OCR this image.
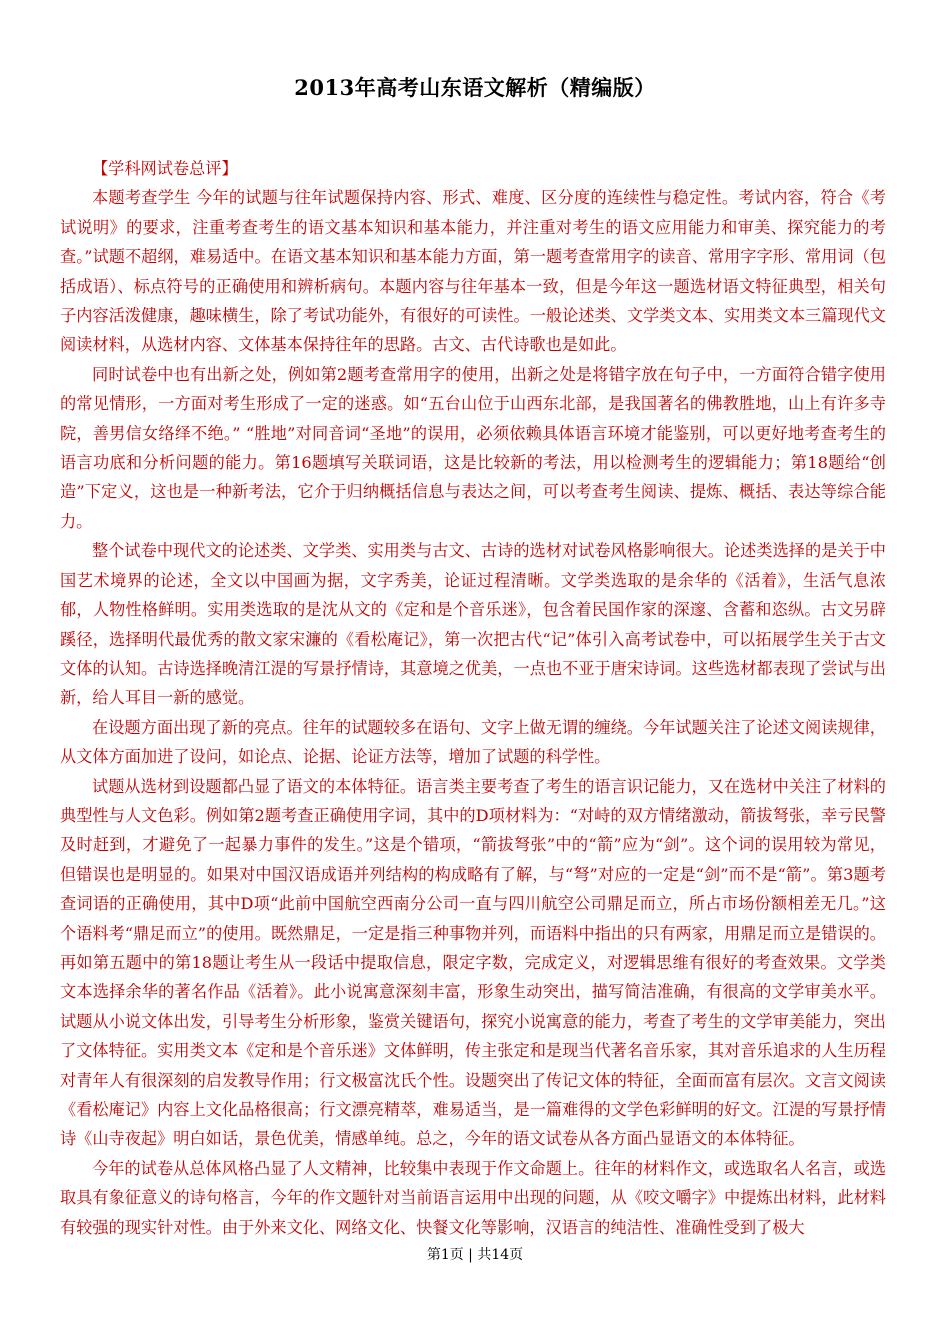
2013年高考山东语文解析（精编版）

【学科网试卷总评】

本题考查学生 今年的试题与往年试题保持内容、形式、难度、区分度的连续性与稳定性。考试内容，符合《考试说明》的要求，注重考查考生的语文基本知识和基本能力，并注重对考生的语文应用能力和审美、探究能力的考查。”试题不超纲，难易适中。在语文基本知识和基本能力方面，第一题考查常用字的读音、常用字字形、常用词（包括成语）、标点符号的正确使用和辨析病句。本题内容与往年基本一致，但是今年这一题选材语文特征典型，相关句子内容活泼健康，趣味横生，除了考试功能外，有很好的可读性。一般论述类、文学类文本、实用类文本三篇现代文阅读材料，从选材内容、文体基本保持往年的思路。古文、古代诗歌也是如此。

同时试卷中也有出新之处，例如第2题考查常用字的使用，出新之处是将错字放在句子中，一方面符合错字使用的常见情形，一方面对考生形成了一定的迷惑。如“五台山位于山西东北部，是我国著名的佛教胜地，山上有许多寺院，善男信女络绎不绝。” “胜地”对同音词“圣地”的误用，必须依赖具体语言环境才能鉴别，可以更好地考查考生的语言功底和分析问题的能力。第16题填写关联词语，这是比较新的考法，用以检测考生的逻辑能力；第18题给“创造”下定义，这也是一种新考法，它介于归纳概括信息与表达之间，可以考查考生阅读、提炼、概括、表达等综合能力。

整个试卷中现代文的论述类、文学类、实用类与古文、古诗的选材对试卷风格影响很大。论述类选择的是关于中国艺术境界的论述，全文以中国画为据，文字秀美，论证过程清晰。文学类选取的是余华的《活着》，生活气息浓郁，人物性格鲜明。实用类选取的是沈从文的《定和是个音乐迷》，包含着民国作家的深邃、含蓄和恣纵。古文另辟蹊径，选择明代最优秀的散文家宋濂的《看松庵记》，第一次把古代“记”体引入高考试卷中，可以拓展学生关于古文文体的认知。古诗选择晚清江湜的写景抒情诗，其意境之优美，一点也不亚于唐宋诗词。这些选材都表现了尝试与出新，给人耳目一新的感觉。

在设题方面出现了新的亮点。往年的试题较多在语句、文字上做无谓的缠绕。今年试题关注了论述文阅读规律，从文体方面加进了设问，如论点、论据、论证方法等，增加了试题的科学性。

试题从选材到设题都凸显了语文的本体特征。语言类主要考查了考生的语言识记能力，又在选材中关注了材料的典型性与人文色彩。例如第2题考查正确使用字词，其中的D项材料为：“对峙的双方情绪激动，箭拔弩张，幸亏民警及时赶到，才避免了一起暴力事件的发生。”这是个错项，“箭拔弩张”中的“箭”应为“剑”。这个词的误用较为常见，但错误也是明显的。如果对中国汉语成语并列结构的构成略有了解，与“弩”对应的一定是“剑”而不是“箭”。第3题考查词语的正确使用，其中D项“此前中国航空西南分公司一直与四川航空公司鼎足而立，所占市场份额相差无几。”这个语料考“鼎足而立”的使用。既然鼎足，一定是指三种事物并列，而语料中指出的只有两家，用鼎足而立是错误的。再如第五题中的第18题让考生从一段话中提取信息，限定字数，完成定义，对逻辑思维有很好的考查效果。文学类文本选择余华的著名作品《活着》。此小说寓意深刻丰富，形象生动突出，描写简洁准确，有很高的文学审美水平。试题从小说文体出发，引导考生分析形象，鉴赏关键语句，探究小说寓意的能力，考查了考生的文学审美能力，突出了文体特征。实用类文本《定和是个音乐迷》文体鲜明，传主张定和是现当代著名音乐家，其对音乐追求的人生历程对青年人有很深刻的启发教导作用；行文极富沈氏个性。设题突出了传记文体的特征，全面而富有层次。文言文阅读《看松庵记》内容上文化品格很高；行文漂亮精萃，难易适当，是一篇难得的文学色彩鲜明的好文。江湜的写景抒情诗《山寺夜起》明白如话，景色优美，情感单纯。总之，今年的语文试卷从各方面凸显语文的本体特征。

今年的试卷从总体风格凸显了人文精神，比较集中表现于作文命题上。往年的材料作文，或选取名人名言，或选取具有象征意义的诗句格言，今年的作文题针对当前语言运用中出现的问题，从《咬文嚼字》中提炼出材料，此材料有较强的现实针对性。由于外来文化、网络文化、快餐文化等影响，汉语言的纯洁性、准确性受到了极大

第1页 | 共14页
